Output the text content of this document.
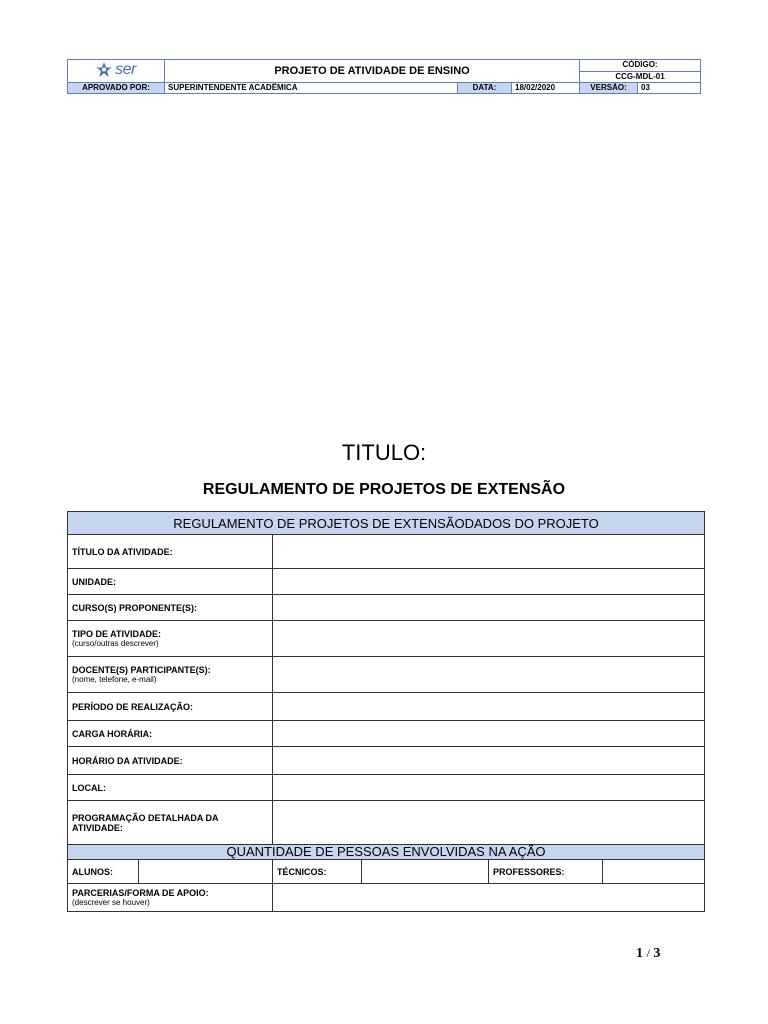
ser	PROJETO DE ATIVIDADE DE ENSINO			CÓDIGO:	
				CCG-MDL-01	
APROVADO POR:	SUPERINTENDENTE ACADÊMICA	DATA:	18/02/2020	VERSÃO:	03
TITULO:
REGULAMENTO DE PROJETOS DE EXTENSÃO
REGULAMENTO DE PROJETOS DE EXTENSÃODADOS DO PROJETO					
TÍTULO DA ATIVIDADE:					
UNIDADE:					
CURSO(S) PROPONENTE(S):					
TIPO DE ATIVIDADE:
(curso/outras descrever)					

DOCENTE(S) PARTICIPANTE(S):
(nome, telefone, e-mail)					

PERÍODO DE REALIZAÇÃO:					
CARGA HORÁRIA:					
HORÁRIO DA ATIVIDADE:					
LOCAL:					
PROGRAMAÇÃO DETALHADA DA ATIVIDADE:					
QUANTIDADE DE PESSOAS ENVOLVIDAS NA AÇÃO					
ALUNOS:		TÉCNICOS:		PROFESSORES:	
PARCERIAS/FORMA DE APOIO:
(descrever se houver)					

1 / 3
